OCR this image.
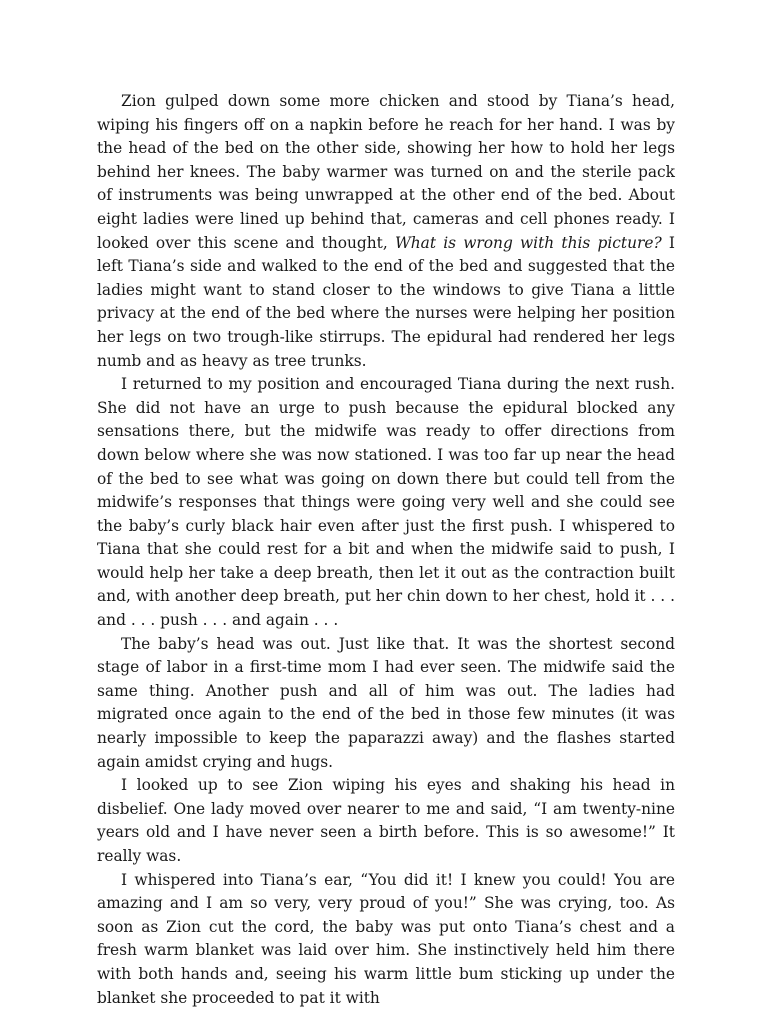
Zion gulped down some more chicken and stood by Tiana’s head, wiping his fingers off on a napkin before he reach for her hand. I was by the head of the bed on the other side, showing her how to hold her legs behind her knees. The baby warmer was turned on and the sterile pack of instruments was being unwrapped at the other end of the bed. About eight ladies were lined up behind that, cameras and cell phones ready. I looked over this scene and thought, What is wrong with this picture? I left Tiana’s side and walked to the end of the bed and suggested that the ladies might want to stand closer to the windows to give Tiana a little privacy at the end of the bed where the nurses were helping her position her legs on two trough-like stirrups. The epidural had rendered her legs numb and as heavy as tree trunks.

I returned to my position and encouraged Tiana during the next rush. She did not have an urge to push because the epidural blocked any sensations there, but the midwife was ready to offer directions from down below where she was now stationed. I was too far up near the head of the bed to see what was going on down there but could tell from the midwife’s responses that things were going very well and she could see the baby’s curly black hair even after just the first push. I whispered to Tiana that she could rest for a bit and when the midwife said to push, I would help her take a deep breath, then let it out as the contraction built and, with another deep breath, put her chin down to her chest, hold it . . . and . . . push . . . and again . . .

The baby’s head was out. Just like that. It was the shortest second stage of labor in a first-time mom I had ever seen. The midwife said the same thing. Another push and all of him was out. The ladies had migrated once again to the end of the bed in those few minutes (it was nearly impossible to keep the paparazzi away) and the flashes started again amidst crying and hugs.

I looked up to see Zion wiping his eyes and shaking his head in disbelief. One lady moved over nearer to me and said, “I am twenty-nine years old and I have never seen a birth before. This is so awesome!” It really was.

I whispered into Tiana’s ear, “You did it! I knew you could! You are amazing and I am so very, very proud of you!” She was crying, too. As soon as Zion cut the cord, the baby was put onto Tiana’s chest and a fresh warm blanket was laid over him. She instinctively held him there with both hands and, seeing his warm little bum sticking up under the blanket she proceeded to pat it with
